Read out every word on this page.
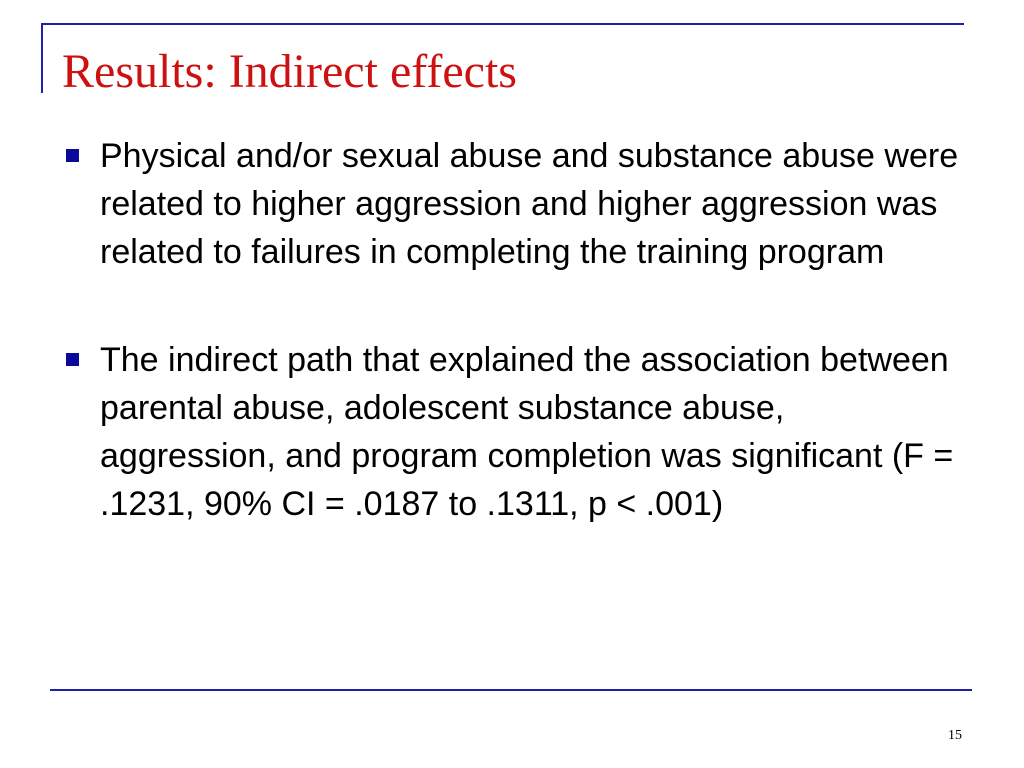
Results: Indirect effects
Physical and/or sexual abuse and substance abuse were related to higher aggression and higher aggression was related to failures in completing the training program
The indirect path that explained the association between parental abuse, adolescent substance abuse, aggression, and program completion was significant (F = .1231, 90% CI = .0187 to .1311, p < .001)
15
